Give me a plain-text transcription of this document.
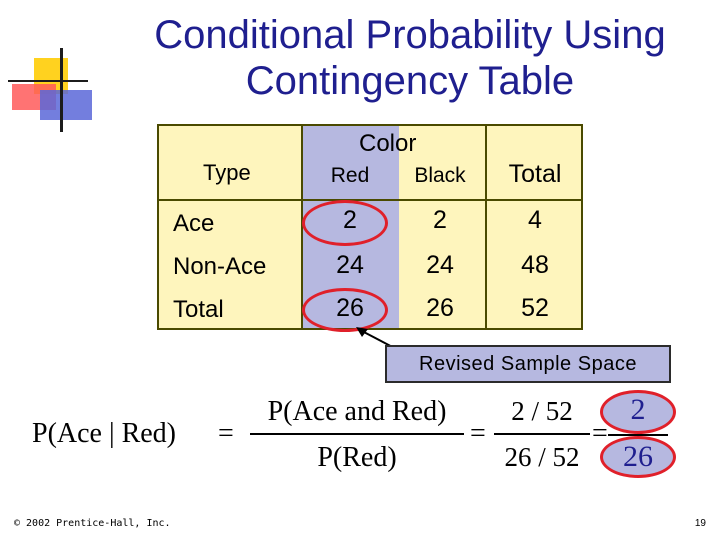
Conditional Probability Using
Contingency Table
Type
Color
Red	Black	Total
Ace	2	2	4
Non-Ace	24	24	48
Total	26	26	52
Revised Sample Space
P(Ace | Red) =
P(Ace and Red)
P(Red)
=
2 / 52
26 / 52
=
2
26
© 2002 Prentice-Hall, Inc.	19
